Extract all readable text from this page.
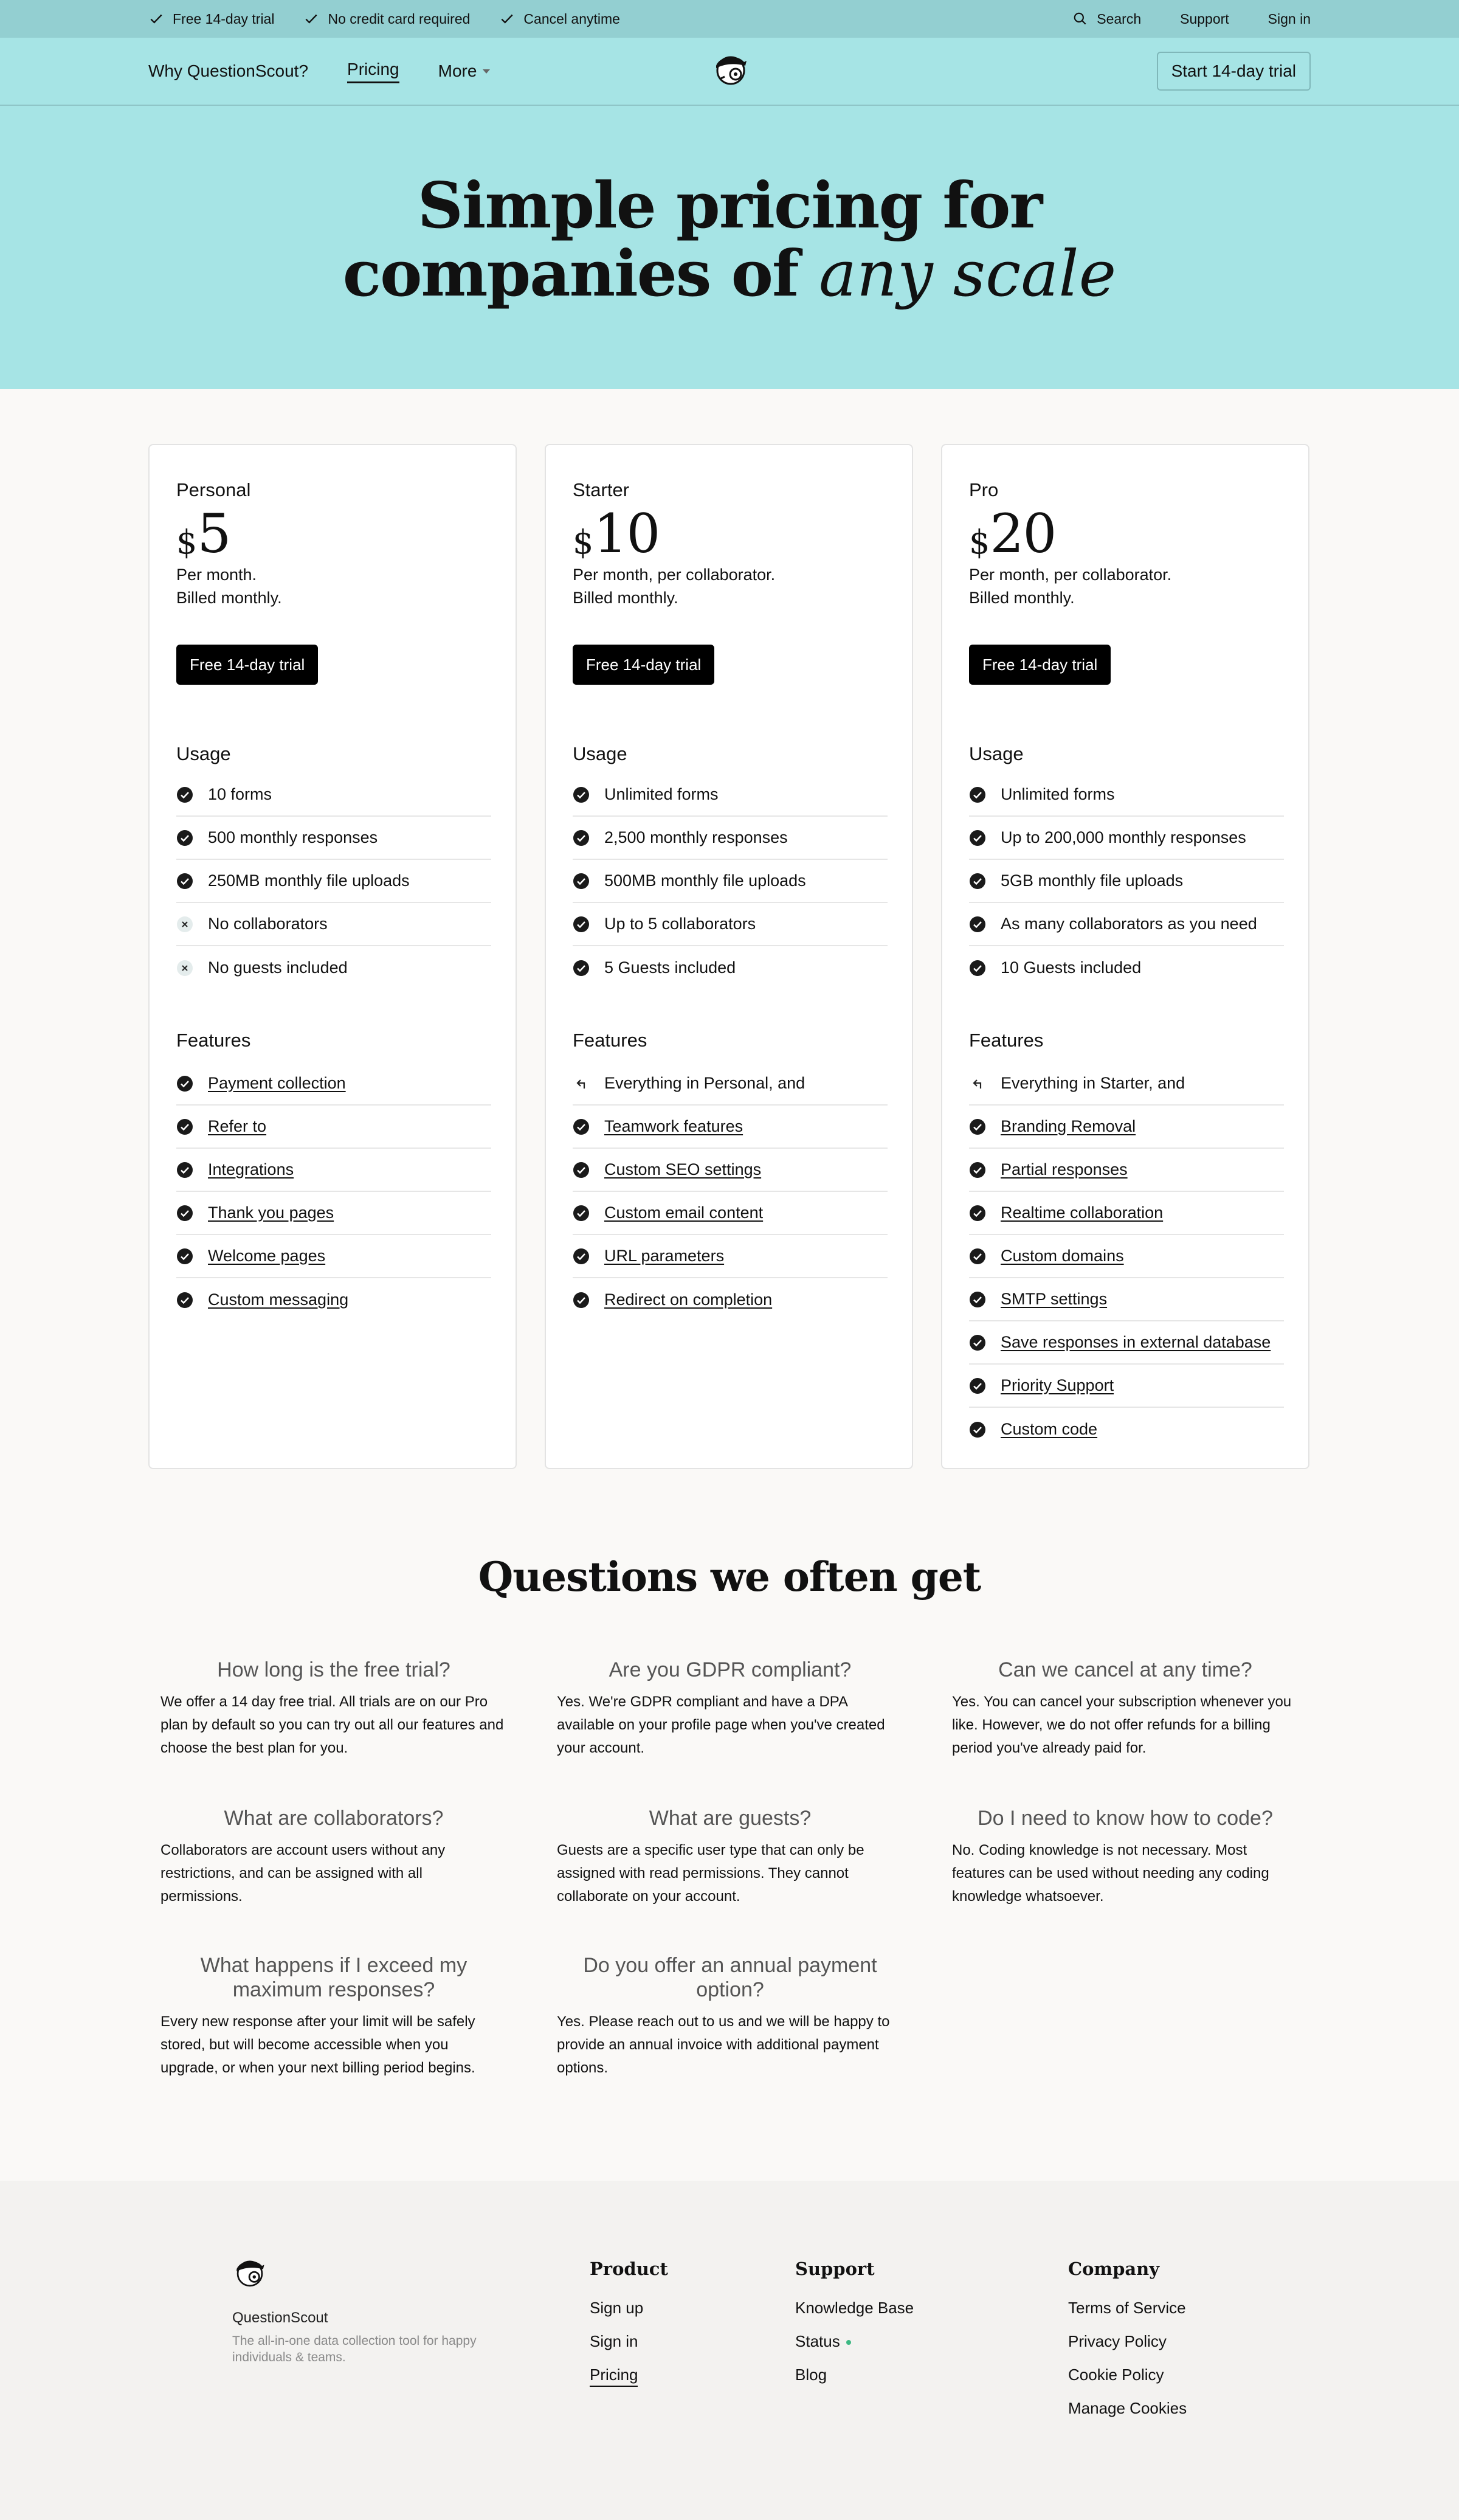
Free 14-day trial	No credit card required	Cancel anytime	Search	Support	Sign in
Why QuestionScout? Pricing More	Start 14-day trial
Simple pricing for
companies of any scale
Personal
$ 5
Per month.
Billed monthly.
Free 14-day trial
Usage
10 forms
500 monthly responses
250MB monthly file uploads
No collaborators
No guests included
Features
Payment collection
Refer to
Integrations
Thank you pages
Welcome pages
Custom messaging
Starter
$ 10
Per month, per collaborator.
Billed monthly.
Free 14-day trial
Usage
Unlimited forms
2,500 monthly responses
500MB monthly file uploads
Up to 5 collaborators
5 Guests included
Features
Everything in Personal, and
Teamwork features
Custom SEO settings
Custom email content
URL parameters
Redirect on completion
Pro
$ 20
Per month, per collaborator.
Billed monthly.
Free 14-day trial
Usage
Unlimited forms
Up to 200,000 monthly responses
5GB monthly file uploads
As many collaborators as you need
10 Guests included
Features
Everything in Starter, and
Branding Removal
Partial responses
Realtime collaboration
Custom domains
SMTP settings
Save responses in external database
Priority Support
Custom code
Questions we often get
How long is the free trial?
We offer a 14 day free trial. All trials are on our Pro plan by default so you can try out all our features and choose the best plan for you.
Are you GDPR compliant?
Yes. We're GDPR compliant and have a DPA available on your profile page when you've created your account.
Can we cancel at any time?
Yes. You can cancel your subscription whenever you like. However, we do not offer refunds for a billing period you've already paid for.
What are collaborators?
Collaborators are account users without any restrictions, and can be assigned with all permissions.
What are guests?
Guests are a specific user type that can only be assigned with read permissions. They cannot collaborate on your account.
Do I need to know how to code?
No. Coding knowledge is not necessary. Most features can be used without needing any coding knowledge whatsoever.
What happens if I exceed my maximum responses?
Every new response after your limit will be safely stored, but will become accessible when you upgrade, or when your next billing period begins.
Do you offer an annual payment option?
Yes. Please reach out to us and we will be happy to provide an annual invoice with additional payment options.
QuestionScout
The all-in-one data collection tool for happy individuals & teams.
Product
Sign up
Sign in
Pricing
Support
Knowledge Base
Status
Blog
Company
Terms of Service
Privacy Policy
Cookie Policy
Manage Cookies
